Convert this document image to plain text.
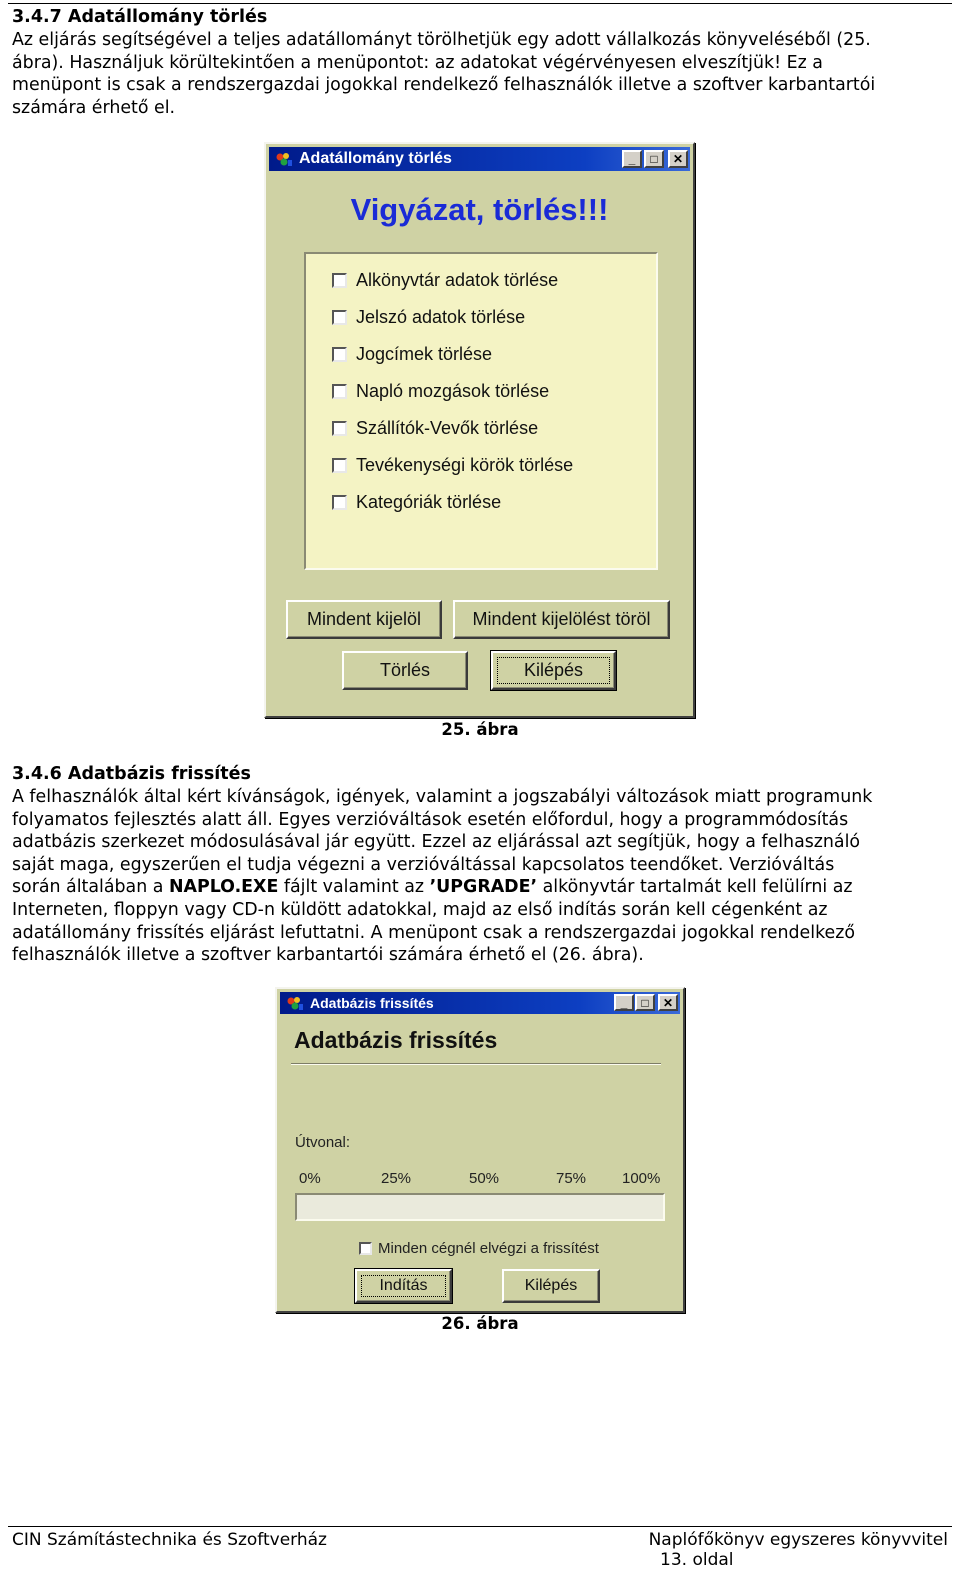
3.4.7 Adatállomány törlés
Az eljárás segítségével a teljes adatállományt törölhetjük egy adott vállalkozás könyveléséből (25.
ábra). Használjuk körültekintően a menüpontot: az adatokat végérvényesen elveszítjük! Ez a
menüpont is csak a rendszergazdai jogokkal rendelkező felhasználók illetve a szoftver karbantartói
számára érhető el.
Adatállomány törlés	_	□	✕
Vigyázat, törlés!!!
Alkönyvtár adatok törlése
Jelszó adatok törlése
Jogcímek törlése
Napló mozgások törlése
Szállítók-Vevők törlése
Tevékenységi körök törlése
Kategóriák törlése
Mindent kijelöl	Mindent kijelölést töröl
Törlés	Kilépés
25. ábra
3.4.6 Adatbázis frissítés
A felhasználók által kért kívánságok, igények, valamint a jogszabályi változások miatt programunk
folyamatos fejlesztés alatt áll. Egyes verzióváltások esetén előfordul, hogy a programmódosítás
adatbázis szerkezet módosulásával jár együtt. Ezzel az eljárással azt segítjük, hogy a felhasználó
saját maga, egyszerűen el tudja végezni a verzióváltással kapcsolatos teendőket. Verzióváltás
során általában a NAPLO.EXE fájlt valamint az ’UPGRADE’ alkönyvtár tartalmát kell felülírni az
Interneten, floppyn vagy CD-n küldött adatokkal, majd az első indítás során kell cégenként az
adatállomány frissítés eljárást lefuttatni. A menüpont csak a rendszergazdai jogokkal rendelkező
felhasználók illetve a szoftver karbantartói számára érhető el (26. ábra).
Adatbázis frissítés	_	□	✕
Adatbázis frissítés
Útvonal:
0%	25%	50%	75% 100%
Minden cégnél elvégzi a frissítést
Indítás	Kilépés
26. ábra
CIN Számítástechnika és Szoftverház	Naplófőkönyv egyszeres könyvvitel
13. oldal
